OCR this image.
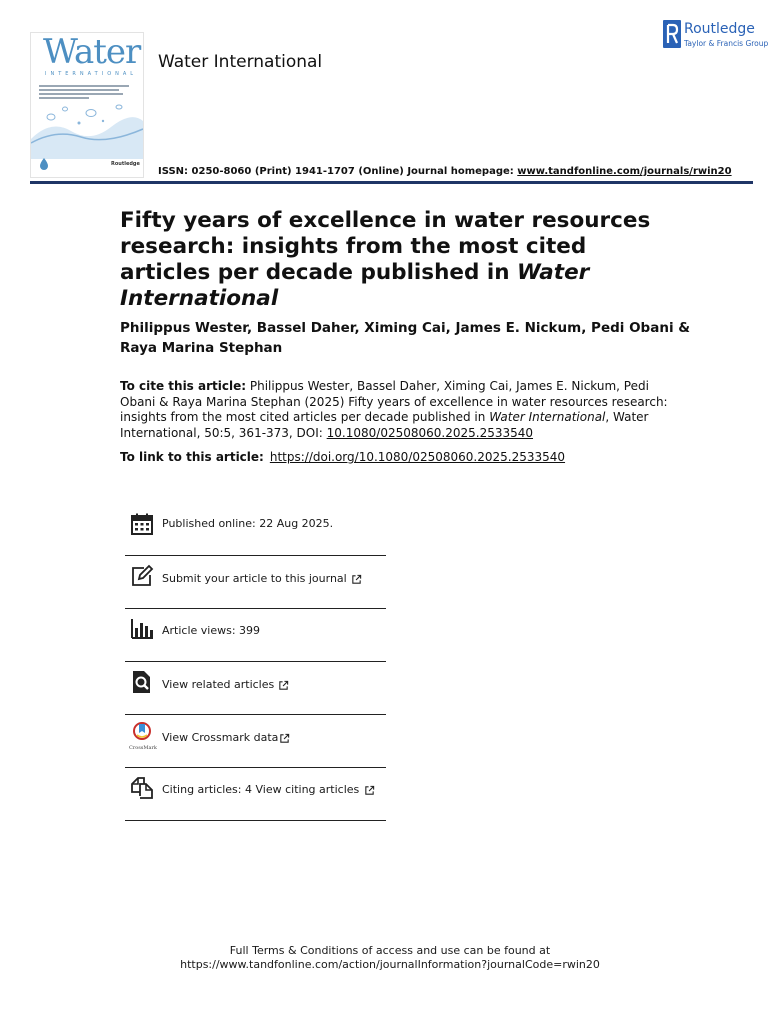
Water
INTERNATIONAL
Routledge
Water International
Routledge
Taylor & Francis Group
ISSN: 0250-8060 (Print) 1941-1707 (Online) Journal homepage: www.tandfonline.com/journals/rwin20
Fifty years of excellence in water resources research: insights from the most cited articles per decade published in Water International
Philippus Wester, Bassel Daher, Ximing Cai, James E. Nickum, Pedi Obani & Raya Marina Stephan
To cite this article: Philippus Wester, Bassel Daher, Ximing Cai, James E. Nickum, Pedi Obani & Raya Marina Stephan (2025) Fifty years of excellence in water resources research: insights from the most cited articles per decade published in Water International, Water International, 50:5, 361-373, DOI: 10.1080/02508060.2025.2533540
To link to this article: https://doi.org/10.1080/02508060.2025.2533540
Published online: 22 Aug 2025.
Submit your article to this journal
Article views: 399
View related articles
CrossMark
View Crossmark data
Citing articles: 4 View citing articles
Full Terms & Conditions of access and use can be found at
https://www.tandfonline.com/action/journalInformation?journalCode=rwin20
